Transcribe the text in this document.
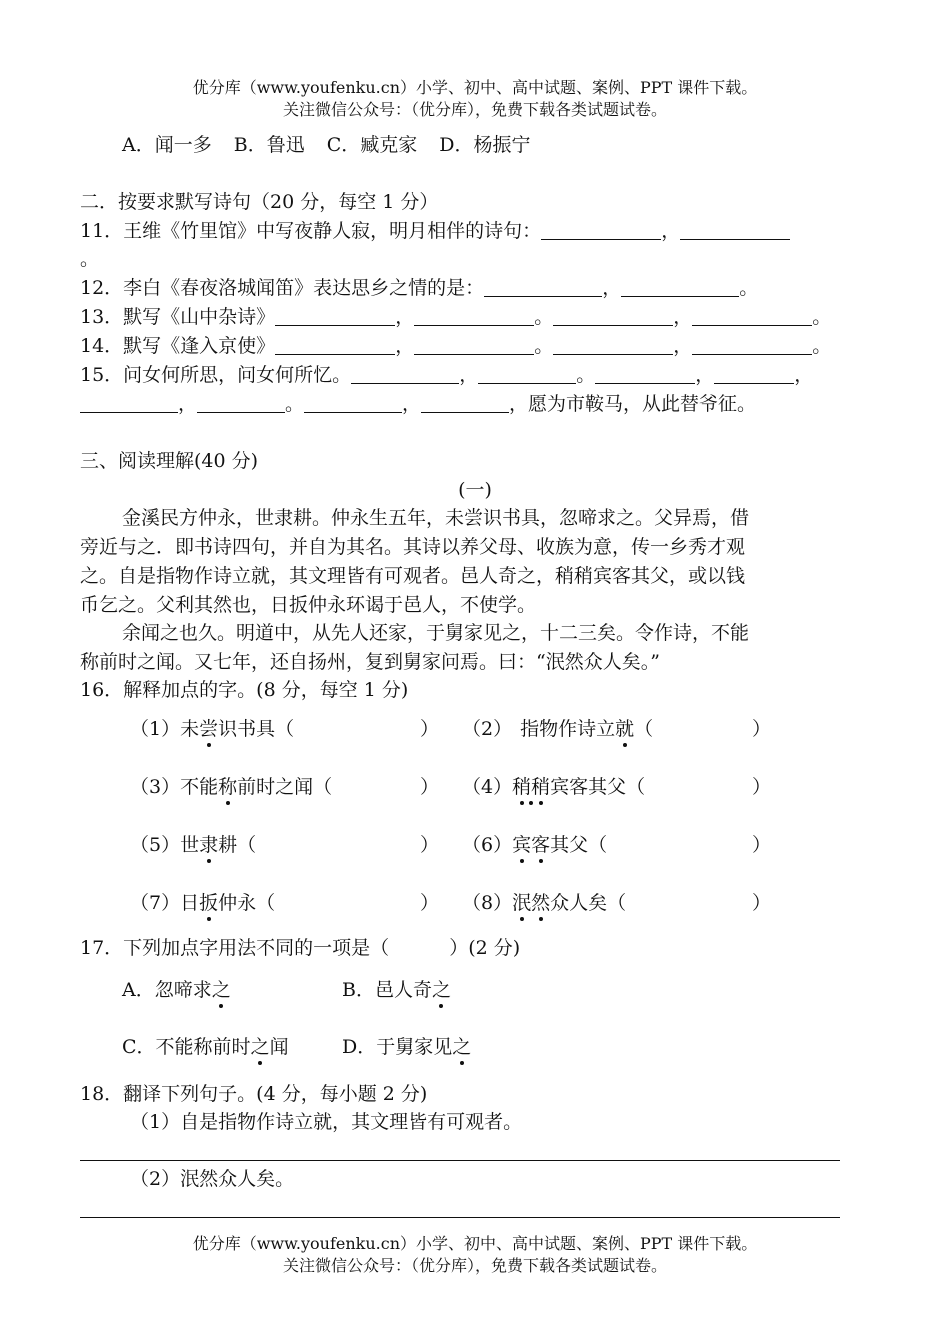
优分库（www.youfenku.cn）小学、初中、高中试题、案例、PPT 课件下载。
关注微信公众号：（优分库），免费下载各类试题试卷。
A．闻一多 B．鲁迅 C．臧克家 D．杨振宁
二．按要求默写诗句（20 分，每空 1 分）
11．王维《竹里馆》中写夜静人寂，明月相伴的诗句：	，
。
12．李白《春夜洛城闻笛》表达思乡之情的是：	，	。
13．默写《山中杂诗》	，	。	，	。
14．默写《逢入京使》	，	。	，	。
15．问女何所思，问女何所忆。	，	。	，	，
，	。	，	，愿为市鞍马，从此替爷征。
三、阅读理解(40 分)
(一)
金溪民方仲永，世隶耕。仲永生五年，未尝识书具，忽啼求之。父异焉，借
旁近与之．即书诗四句，并自为其名。其诗以养父母、收族为意，传一乡秀才观
之。自是指物作诗立就，其文理皆有可观者。邑人奇之，稍稍宾客其父，或以钱
币乞之。父利其然也，日扳仲永环谒于邑人，不使学。
余闻之也久。明道中，从先人还家，于舅家见之，十二三矣。令作诗，不能
称前时之闻。又七年，还自扬州，复到舅家问焉。曰：“泯然众人矣。”
16．解释加点的字。(8 分，每空 1 分)
（1）未尝识书具（	） （2） 指物作诗立就（	）
（3）不能称前时之闻（	） （4）稍稍宾客其父（	）
（5）世隶耕（	） （6）宾客其父（	）
（7）日扳仲永（	） （8）泯然众人矣（	）
17．下列加点字用法不同的一项是（	）(2 分)
A．忽啼求之	B．邑人奇之
C．不能称前时之闻	D．于舅家见之
18．翻译下列句子。(4 分，每小题 2 分)
（1）自是指物作诗立就，其文理皆有可观者。
（2）泯然众人矣。
优分库（www.youfenku.cn）小学、初中、高中试题、案例、PPT 课件下载。
关注微信公众号：（优分库），免费下载各类试题试卷。
